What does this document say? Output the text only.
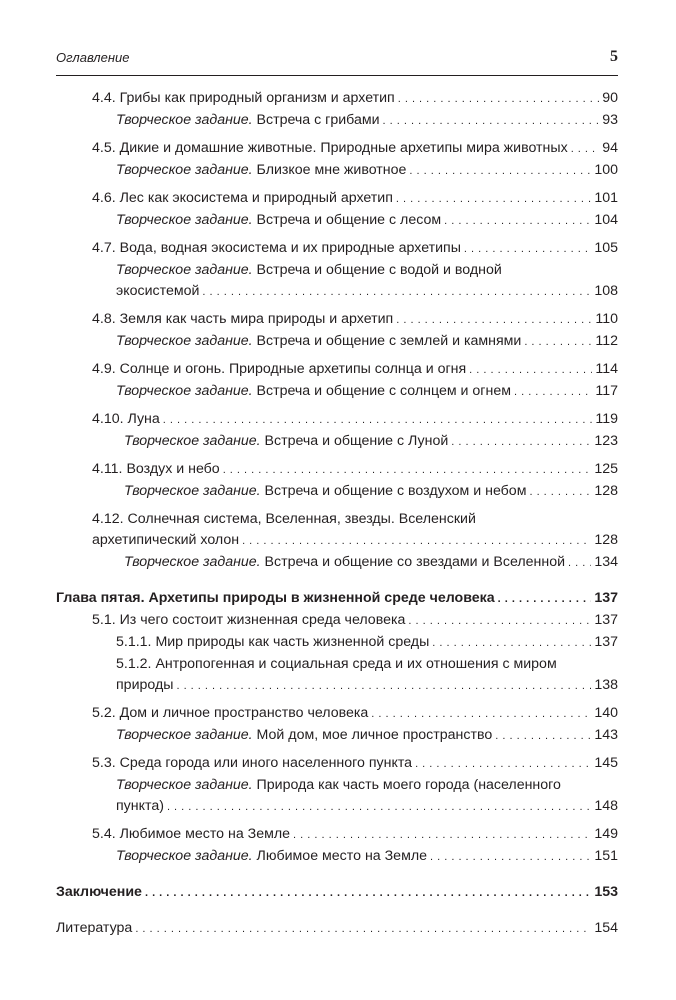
Оглавление	5
4.4. Грибы как природный организм и архетип . . .	90
Творческое задание. Встреча с грибами . . .	93
4.5. Дикие и домашние животные. Природные архетипы мира животных . . . 94
Творческое задание. Близкое мне животное . . .	100
4.6. Лес как экосистема и природный архетип . . .	101
Творческое задание. Встреча и общение с лесом . . .	104
4.7. Вода, водная экосистема и их природные архетипы . . .	105
Творческое задание. Встреча и общение с водой и водной
экосистемой . . .	108
4.8. Земля как часть мира природы и архетип . . .	110
Творческое задание. Встреча и общение с землей и камнями . . .	112
4.9. Солнце и огонь. Природные архетипы солнца и огня . . .	114
Творческое задание. Встреча и общение с солнцем и огнем . . .	117
4.10. Луна . . .	119
Творческое задание. Встреча и общение с Луной . . .	123
4.11. Воздух и небо . . .	125
Творческое задание. Встреча и общение с воздухом и небом . . .	128
4.12. Солнечная система, Вселенная, звезды. Вселенский
архетипический холон . . .	128
Творческое задание. Встреча и общение со звездами и Вселенной . . . 134
Глава пятая. Архетипы природы в жизненной среде человека . . .	137
5.1. Из чего состоит жизненная среда человека . . .	137
5.1.1. Мир природы как часть жизненной среды . . .	137
5.1.2. Антропогенная и социальная среда и их отношения с миром
природы . . .	138
5.2. Дом и личное пространство человека . . .	140
Творческое задание. Мой дом, мое личное пространство . . .	143
5.3. Среда города или иного населенного пункта . . .	145
Творческое задание. Природа как часть моего города (населенного
пункта) . . .	148
5.4. Любимое место на Земле . . .	149
Творческое задание. Любимое место на Земле . . .	151
Заключение . . .	153
Литература . . .	154
